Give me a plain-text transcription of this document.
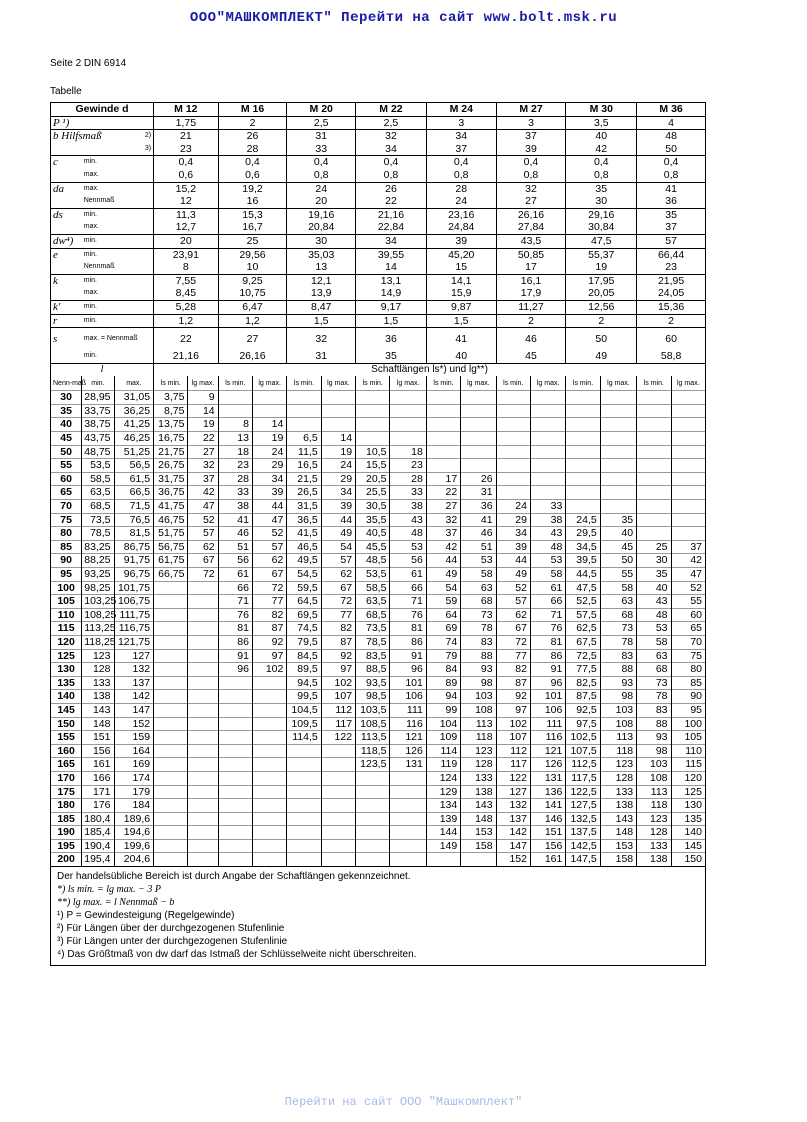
ООО"МАШКОМПЛЕКТ" Перейти на сайт www.bolt.msk.ru
Seite 2 DIN 6914
Tabelle
Gewinde d			M 12		M 16		M 20		M 22		M 24		M 27		M 30		M 36	
P ¹)			1,75		2		2,5		2,5		3		3		3,5		4	
b Hilfsmaß	2)		21		26		31		32		34		37		40		48	
	3)		23		28		33		34		37		39		42		50	
c	min.		0,4		0,4		0,4		0,4		0,4		0,4		0,4		0,4	
	max.		0,6		0,6		0,8		0,8		0,8		0,8		0,8		0,8	
da	max.		15,2		19,2		24		26		28		32		35		41	
	Nennmaß		12		16		20		22		24		27		30		36	
ds	min.		11,3		15,3		19,16		21,16		23,16		26,16		29,16		35	
	max.		12,7		16,7		20,84		22,84		24,84		27,84		30,84		37	
dw⁴)	min.		20		25		30		34		39		43,5		47,5		57	
e	min.		23,91		29,56		35,03		39,55		45,20		50,85		55,37		66,44	
	Nennmaß		8		10		13		14		15		17		19		23	
k	min.		7,55		9,25		12,1		13,1		14,1		16,1		17,95		21,95	
	max.		8,45		10,75		13,9		14,9		15,9		17,9		20,05		24,05	
k'	min.		5,28		6,47		8,47		9,17		9,87		11,27		12,56		15,36	
r	min.		1,2		1,2		1,5		1,5		1,5		2		2		2	
s	max. = Nennmaß		22		27		32		36		41		46		50		60	
	min.		21,16		26,16		31		35		40		45		49		58,8	
l			Schaftlängen ls*) und lg**)															
Nenn-maß	min.	max.	ls min.	lg max.	ls min.	lg max.	ls min.	lg max.	ls min.	lg max.	ls min.	lg max.	ls min.	lg max.	ls min.	lg max.	ls min.	lg max.
30	28,95	31,05	3,75	9														
35	33,75	36,25	8,75	14														
40	38,75	41,25	13,75	19	8	14												
45	43,75	46,25	16,75	22	13	19	6,5	14										
50	48,75	51,25	21,75	27	18	24	11,5	19	10,5	18								
55	53,5	56,5	26,75	32	23	29	16,5	24	15,5	23								
60	58,5	61,5	31,75	37	28	34	21,5	29	20,5	28	17	26						
65	63,5	66,5	36,75	42	33	39	26,5	34	25,5	33	22	31						
70	68,5	71,5	41,75	47	38	44	31,5	39	30,5	38	27	36	24	33				
75	73,5	76,5	46,75	52	41	47	36,5	44	35,5	43	32	41	29	38	24,5	35		
80	78,5	81,5	51,75	57	46	52	41,5	49	40,5	48	37	46	34	43	29,5	40		
85	83,25	86,75	56,75	62	51	57	46,5	54	45,5	53	42	51	39	48	34,5	45	25	37
90	88,25	91,75	61,75	67	56	62	49,5	57	48,5	56	44	53	44	53	39,5	50	30	42
95	93,25	96,75	66,75	72	61	67	54,5	62	53,5	61	49	58	49	58	44,5	55	35	47
100	98,25	101,75			66	72	59,5	67	58,5	66	54	63	52	61	47,5	58	40	52
105	103,25	106,75			71	77	64,5	72	63,5	71	59	68	57	66	52,5	63	43	55
110	108,25	111,75			76	82	69,5	77	68,5	76	64	73	62	71	57,5	68	48	60
115	113,25	116,75			81	87	74,5	82	73,5	81	69	78	67	76	62,5	73	53	65
120	118,25	121,75			86	92	79,5	87	78,5	86	74	83	72	81	67,5	78	58	70
125	123	127			91	97	84,5	92	83,5	91	79	88	77	86	72,5	83	63	75
130	128	132			96	102	89,5	97	88,5	96	84	93	82	91	77,5	88	68	80
135	133	137					94,5	102	93,5	101	89	98	87	96	82,5	93	73	85
140	138	142					99,5	107	98,5	106	94	103	92	101	87,5	98	78	90
145	143	147					104,5	112	103,5	111	99	108	97	106	92,5	103	83	95
150	148	152					109,5	117	108,5	116	104	113	102	111	97,5	108	88	100
155	151	159					114,5	122	113,5	121	109	118	107	116	102,5	113	93	105
160	156	164							118,5	126	114	123	112	121	107,5	118	98	110
165	161	169							123,5	131	119	128	117	126	112,5	123	103	115
170	166	174									124	133	122	131	117,5	128	108	120
175	171	179									129	138	127	136	122,5	133	113	125
180	176	184									134	143	132	141	127,5	138	118	130
185	180,4	189,6									139	148	137	146	132,5	143	123	135
190	185,4	194,6									144	153	142	151	137,5	148	128	140
195	190,4	199,6									149	158	147	156	142,5	153	133	145
200	195,4	204,6											152	161	147,5	158	138	150
Der handelsübliche Bereich ist durch Angabe der Schaftlängen gekennzeichnet.
*) ls min. = lg max. − 3 P
**) lg max. = l Nennmaß − b
¹) P = Gewindesteigung (Regelgewinde)
²) Für Längen über der durchgezogenen Stufenlinie
³) Für Längen unter der durchgezogenen Stufenlinie
⁴) Das Größtmaß von dw darf das Istmaß der Schlüsselweite nicht überschreiten.
Перейти на сайт ООО "Машкомплект"
